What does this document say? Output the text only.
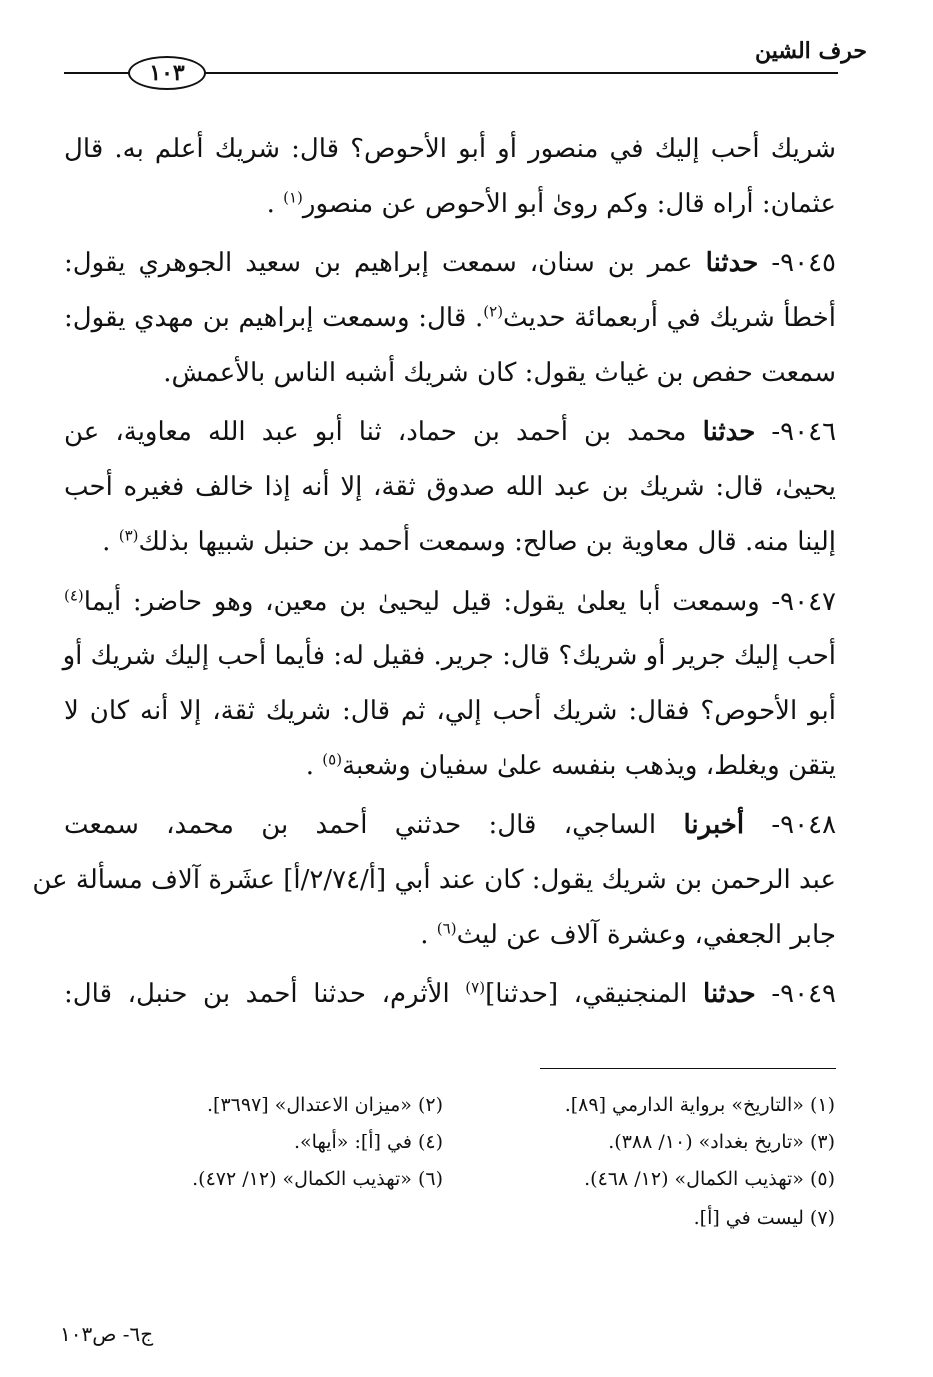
حرف الشين
١٠٣
شريك أحب إليك في منصور أو أبو الأحوص؟ قال: شريك أعلم به. قال
عثمان: أراه قال: وكم روىٰ أبو الأحوص عن منصور$^{(١)}$ .
٩٠٤٥- حدثنا عمر بن سنان، سمعت إبراهيم بن سعيد الجوهري يقول:
أخطأ شريك في أربعمائة حديث$^{(٢)}$. قال: وسمعت إبراهيم بن مهدي يقول:
سمعت حفص بن غياث يقول: كان شريك أشبه الناس بالأعمش.
٩٠٤٦- حدثنا محمد بن أحمد بن حماد، ثنا أبو عبد الله معاوية، عن
يحيىٰ، قال: شريك بن عبد الله صدوق ثقة، إلا أنه إذا خالف فغيره أحب
إلينا منه. قال معاوية بن صالح: وسمعت أحمد بن حنبل شبيها بذلك$^{(٣)}$ .
٩٠٤٧- وسمعت أبا يعلىٰ يقول: قيل ليحيىٰ بن معين، وهو حاضر: أيما$^{(٤)}$
أحب إليك جرير أو شريك؟ قال: جرير. فقيل له: فأيما أحب إليك شريك أو
أبو الأحوص؟ فقال: شريك أحب إلي، ثم قال: شريك ثقة، إلا أنه كان لا
يتقن ويغلط، ويذهب بنفسه علىٰ سفيان وشعبة$^{(٥)}$ .
٩٠٤٨- أخبرنا الساجي، قال: حدثني أحمد بن محمد، سمعت
عبد الرحمن بن شريك يقول: كان عند أبي [أ/٢/٧٤/أ] عشَرة آلاف مسألة عن
جابر الجعفي، وعشرة آلاف عن ليث$^{(٦)}$ .
٩٠٤٩- حدثنا المنجنيقي، [حدثنا]$^{(٧)}$ الأثرم، حدثنا أحمد بن حنبل، قال:
(١) «التاريخ» برواية الدارمي [٨٩].
(٢) «ميزان الاعتدال» [٣٦٩٧].
(٣) «تاريخ بغداد» (١٠/ ٣٨٨).
(٤) في [أ]: «أيها».
(٥) «تهذيب الكمال» (١٢/ ٤٦٨).
(٦) «تهذيب الكمال» (١٢/ ٤٧٢).
(٧) ليست في [أ].
ج٦- ص١٠٣
